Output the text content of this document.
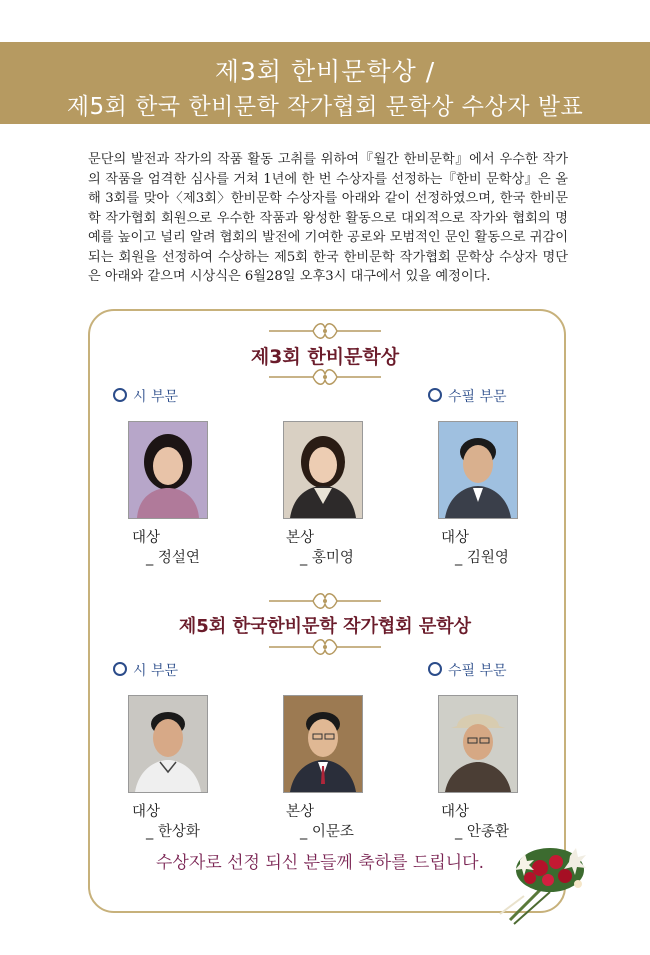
제3회 한비문학상 /
제5회 한국 한비문학 작가협회 문학상 수상자 발표
문단의 발전과 작가의 작품 활동 고취를 위하여『월간 한비문학』에서 우수한 작가의 작품을 엄격한 심사를 거쳐 1년에 한 번 수상자를 선정하는『한비 문학상』은 올해 3회를 맞아〈제3회〉한비문학 수상자를 아래와 같이 선정하였으며, 한국 한비문학 작가협회 회원으로 우수한 작품과 왕성한 활동으로 대외적으로 작가와 협회의 명예를 높이고 널리 알려 협회의 발전에 기여한 공로와 모범적인 문인 활동으로 귀감이 되는 회원을 선정하여 수상하는 제5회 한국 한비문학 작가협회 문학상 수상자 명단은 아래와 같으며 시상식은 6월28일 오후3시 대구에서 있을 예정이다.
제3회 한비문학상
시 부문	수필 부문
대상
_ 정설연
본상
_ 홍미영
대상
_ 김원영
제5회 한국한비문학 작가협회 문학상
시 부문	수필 부문
대상
_ 한상화
본상
_ 이문조
대상
_ 안종환
수상자로 선정 되신 분들께 축하를 드립니다.
